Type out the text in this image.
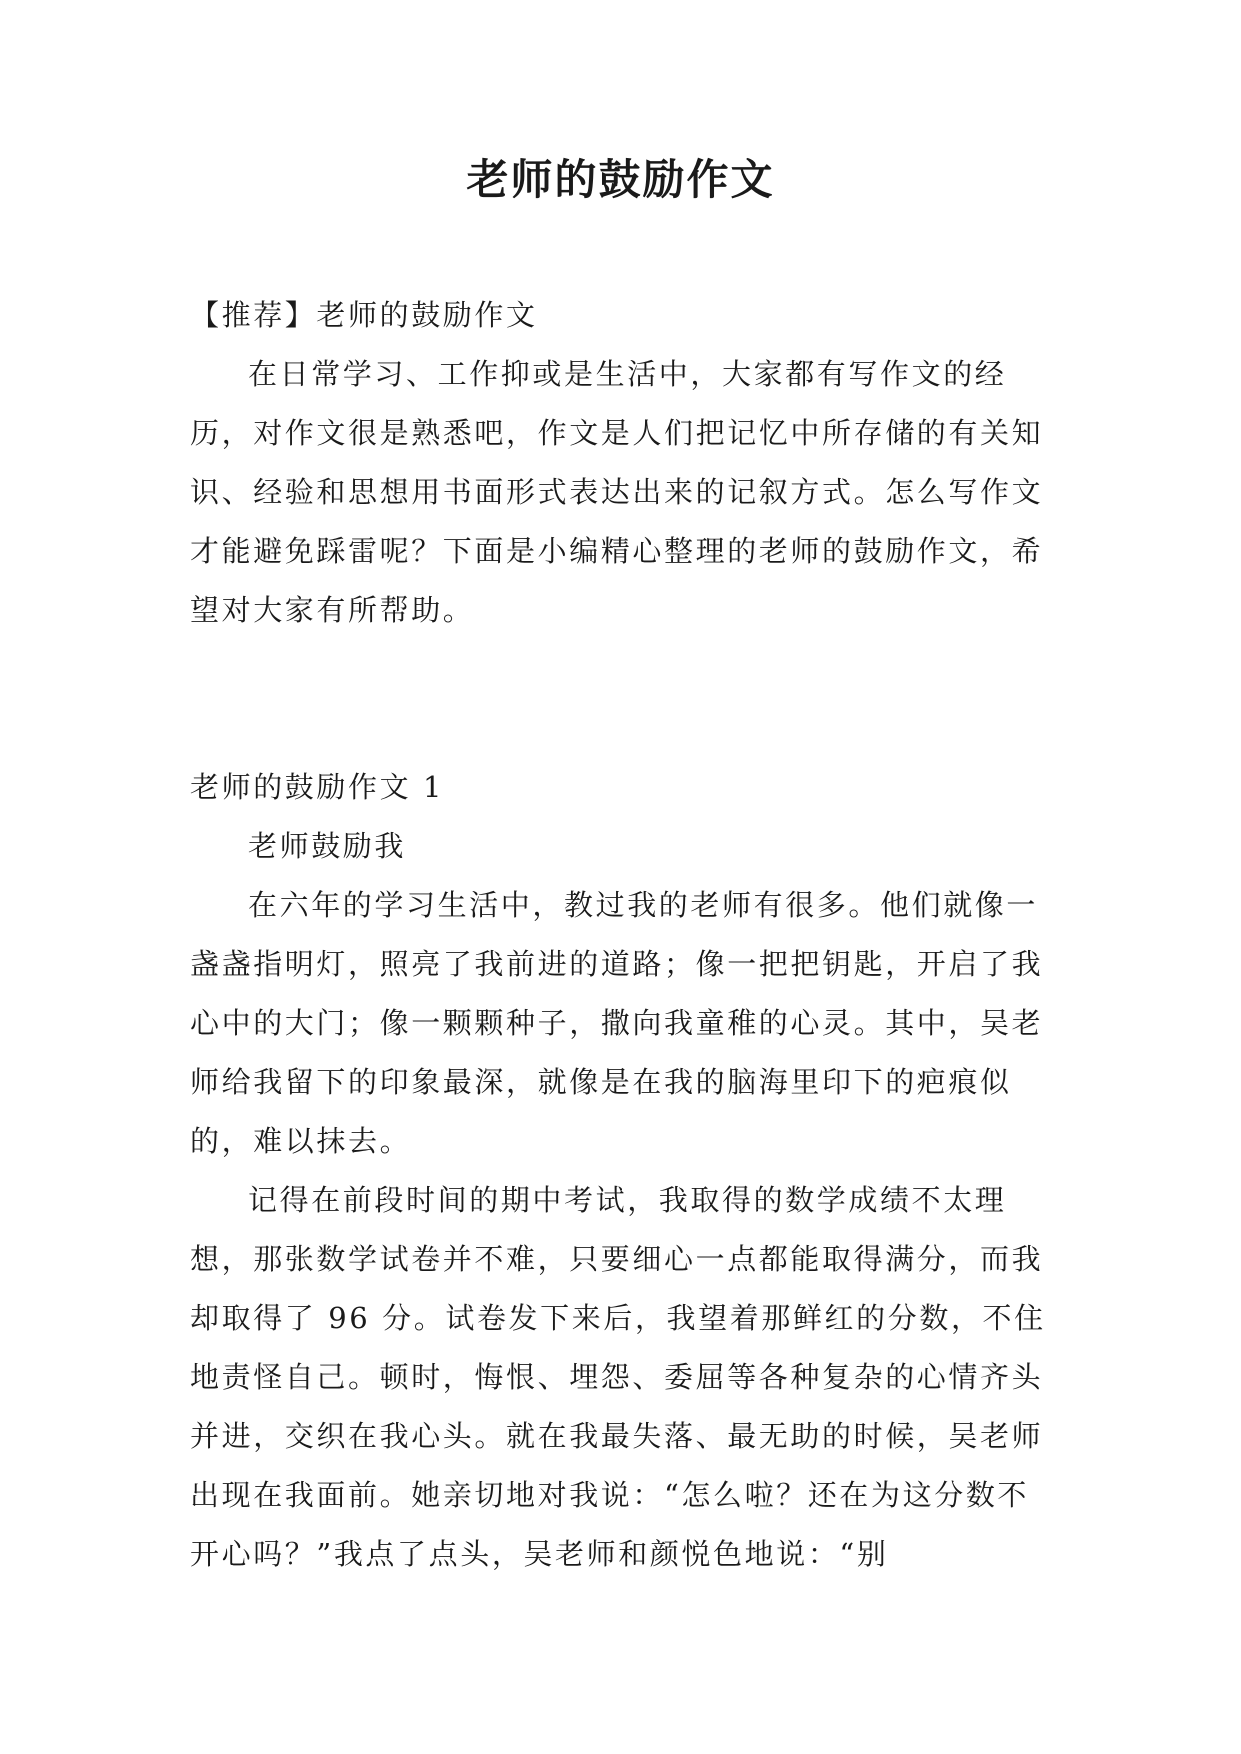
老师的鼓励作文

【推荐】老师的鼓励作文

在日常学习、工作抑或是生活中，大家都有写作文的经历，对作文很是熟悉吧，作文是人们把记忆中所存储的有关知识、经验和思想用书面形式表达出来的记叙方式。怎么写作文才能避免踩雷呢？下面是小编精心整理的老师的鼓励作文，希望对大家有所帮助。

老师的鼓励作文 1

老师鼓励我

在六年的学习生活中，教过我的老师有很多。他们就像一盏盏指明灯，照亮了我前进的道路；像一把把钥匙，开启了我心中的大门；像一颗颗种子，撒向我童稚的心灵。其中，吴老师给我留下的印象最深，就像是在我的脑海里印下的疤痕似的，难以抹去。

记得在前段时间的期中考试，我取得的数学成绩不太理想，那张数学试卷并不难，只要细心一点都能取得满分，而我却取得了 96 分。试卷发下来后，我望着那鲜红的分数，不住地责怪自己。顿时，悔恨、埋怨、委屈等各种复杂的心情齐头并进，交织在我心头。就在我最失落、最无助的时候，吴老师出现在我面前。她亲切地对我说：“怎么啦？还在为这分数不开心吗？”我点了点头，吴老师和颜悦色地说：“别
